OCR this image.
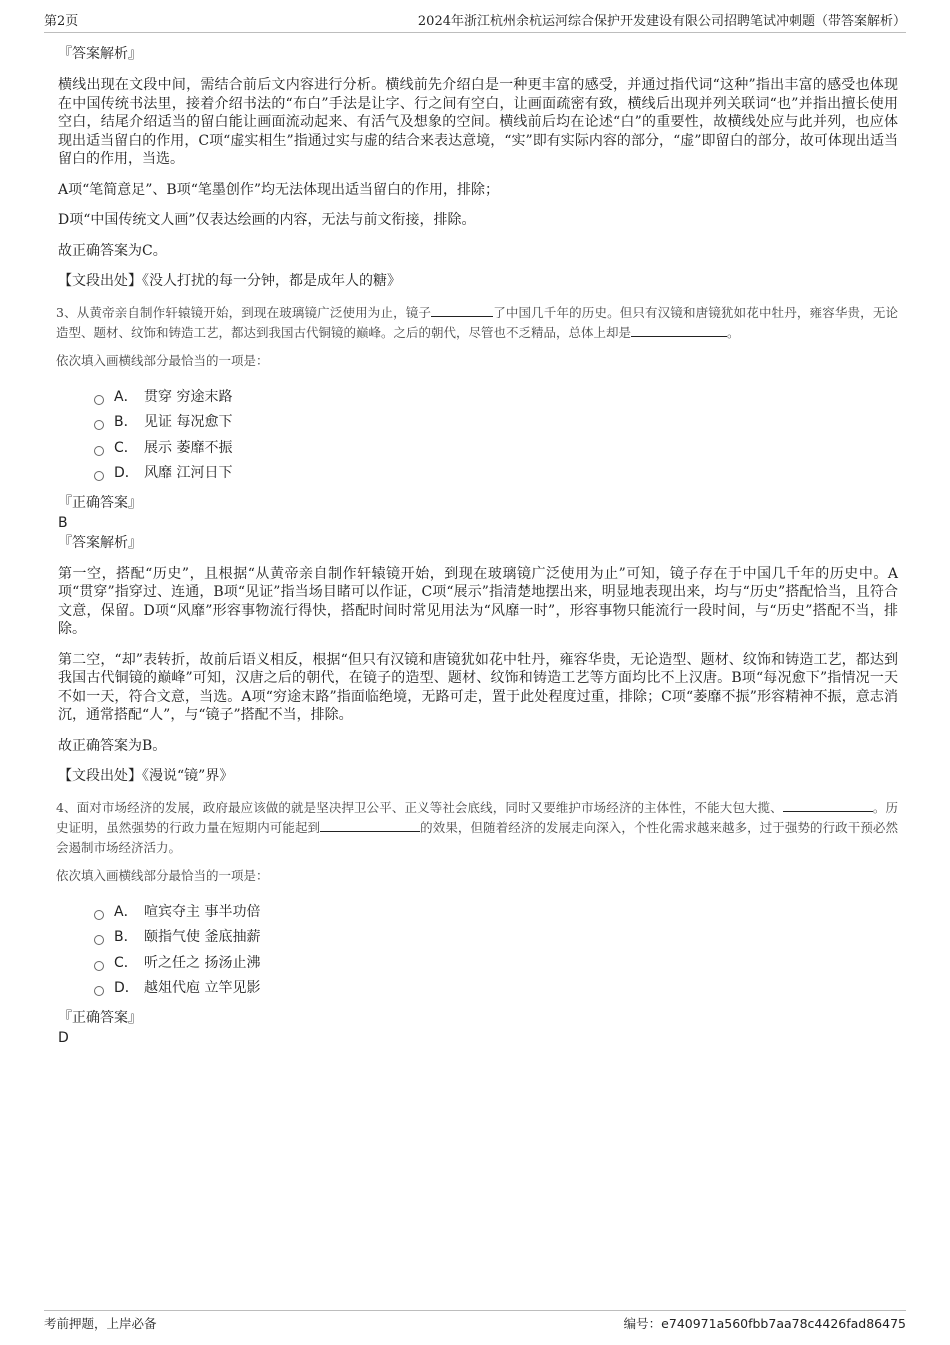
第2页	2024年浙江杭州余杭运河综合保护开发建设有限公司招聘笔试冲刺题（带答案解析）
『答案解析』

横线出现在文段中间，需结合前后文内容进行分析。横线前先介绍白是一种更丰富的感受，并通过指代词“这种”指出丰富的感受也体现在中国传统书法里，接着介绍书法的“布白”手法是让字、行之间有空白，让画面疏密有致，横线后出现并列关联词“也”并指出擅长使用空白，结尾介绍适当的留白能让画面流动起来、有活气及想象的空间。横线前后均在论述“白”的重要性，故横线处应与此并列，也应体现出适当留白的作用，C项“虚实相生”指通过实与虚的结合来表达意境，“实”即有实际内容的部分，“虚”即留白的部分，故可体现出适当留白的作用，当选。

A项“笔简意足”、B项“笔墨创作”均无法体现出适当留白的作用，排除；

D项“中国传统文人画”仅表达绘画的内容，无法与前文衔接，排除。

故正确答案为C。

【文段出处】《没人打扰的每一分钟，都是成年人的糖》

3、从黄帝亲自制作轩辕镜开始，到现在玻璃镜广泛使用为止，镜子	了中国几千年的历史。但只有汉镜和唐镜犹如花中牡丹，雍容华贵，无论造型、题材、纹饰和铸造工艺，都达到我国古代铜镜的巅峰。之后的朝代，尽管也不乏精品，总体上却是	。
依次填入画横线部分最恰当的一项是：
A． 贯穿 穷途末路
B． 见证 每况愈下
C． 展示 萎靡不振
D． 风靡 江河日下
『正确答案』
B
『答案解析』

第一空，搭配“历史”，且根据“从黄帝亲自制作轩辕镜开始，到现在玻璃镜广泛使用为止”可知，镜子存在于中国几千年的历史中。A项“贯穿”指穿过、连通，B项“见证”指当场目睹可以作证，C项“展示”指清楚地摆出来，明显地表现出来，均与“历史”搭配恰当，且符合文意，保留。D项“风靡”形容事物流行得快，搭配时间时常见用法为“风靡一时”，形容事物只能流行一段时间，与“历史”搭配不当，排除。

第二空，“却”表转折，故前后语义相反，根据“但只有汉镜和唐镜犹如花中牡丹，雍容华贵，无论造型、题材、纹饰和铸造工艺，都达到我国古代铜镜的巅峰”可知，汉唐之后的朝代，在镜子的造型、题材、纹饰和铸造工艺等方面均比不上汉唐。B项“每况愈下”指情况一天不如一天，符合文意，当选。A项“穷途末路”指面临绝境，无路可走，置于此处程度过重，排除；C项“萎靡不振”形容精神不振，意志消沉，通常搭配“人”，与“镜子”搭配不当，排除。

故正确答案为B。

【文段出处】《漫说“镜”界》

4、面对市场经济的发展，政府最应该做的就是坚决捍卫公平、正义等社会底线，同时又要维护市场经济的主体性，不能大包大揽、	。历史证明，虽然强势的行政力量在短期内可能起到	的效果，但随着经济的发展走向深入，个性化需求越来越多，过于强势的行政干预必然会遏制市场经济活力。
依次填入画横线部分最恰当的一项是：
A． 喧宾夺主 事半功倍
B． 颐指气使 釜底抽薪
C． 听之任之 扬汤止沸
D． 越俎代庖 立竿见影
『正确答案』
D
考前押题，上岸必备	编号：e740971a560fbb7aa78c4426fad86475
